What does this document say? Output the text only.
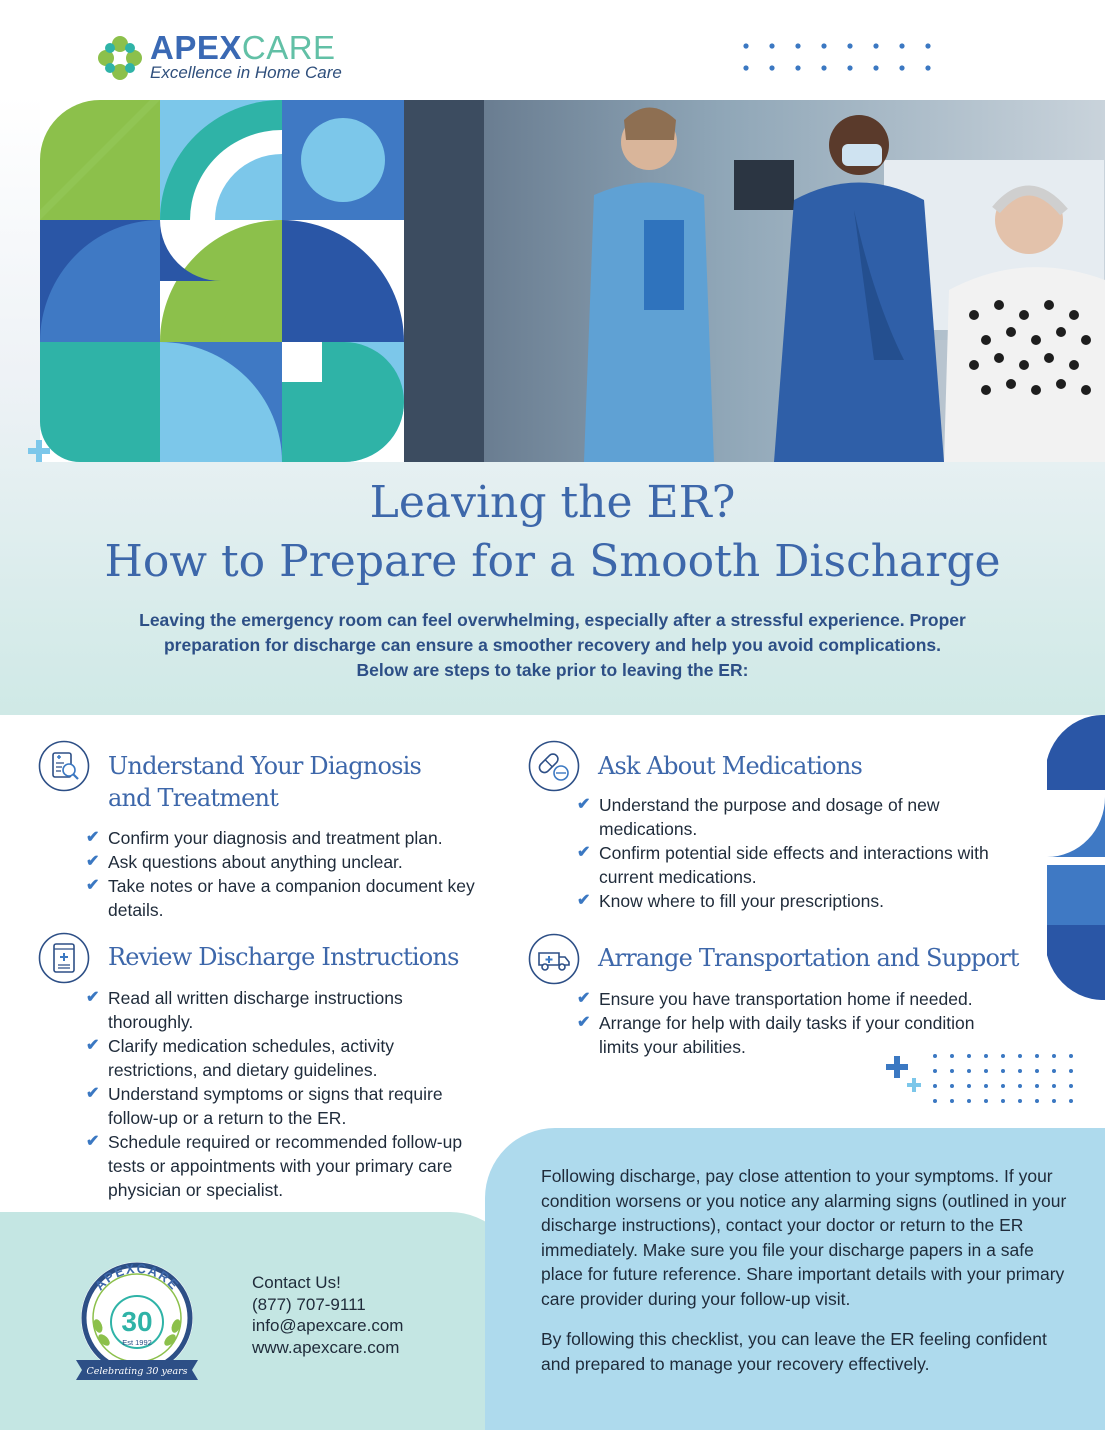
APEXCARE
Excellence in Home Care
Leaving the ER?
How to Prepare for a Smooth Discharge
Leaving the emergency room can feel overwhelming, especially after a stressful experience. Proper
preparation for discharge can ensure a smoother recovery and help you avoid complications.
Below are steps to take prior to leaving the ER:
Understand Your Diagnosis
and Treatment
✔ Confirm your diagnosis and treatment plan.
✔ Ask questions about anything unclear.
✔ Take notes or have a companion document key details.
Review Discharge Instructions
✔ Read all written discharge instructions thoroughly.
✔ Clarify medication schedules, activity restrictions, and dietary guidelines.
✔ Understand symptoms or signs that require follow-up or a return to the ER.
✔ Schedule required or recommended follow-up tests or appointments with your primary care physician or specialist.
Ask About Medications
✔ Understand the purpose and dosage of new medications.
✔ Confirm potential side effects and interactions with current medications.
✔ Know where to fill your prescriptions.
Arrange Transportation and Support
✔ Ensure you have transportation home if needed.
✔ Arrange for help with daily tasks if your condition limits your abilities.

Following discharge, pay close attention to your symptoms. If your condition worsens or you notice any alarming signs (outlined in your discharge instructions), contact your doctor or return to the ER immediately. Make sure you file your discharge papers in a safe place for future reference. Share important details with your primary care provider during your follow-up visit.

By following this checklist, you can leave the ER feeling confident and prepared to manage your recovery effectively.

APEXCARE
30
Est 1992
Celebrating 30 years
Contact Us!
(877) 707-9111
info@apexcare.com
www.apexcare.com
